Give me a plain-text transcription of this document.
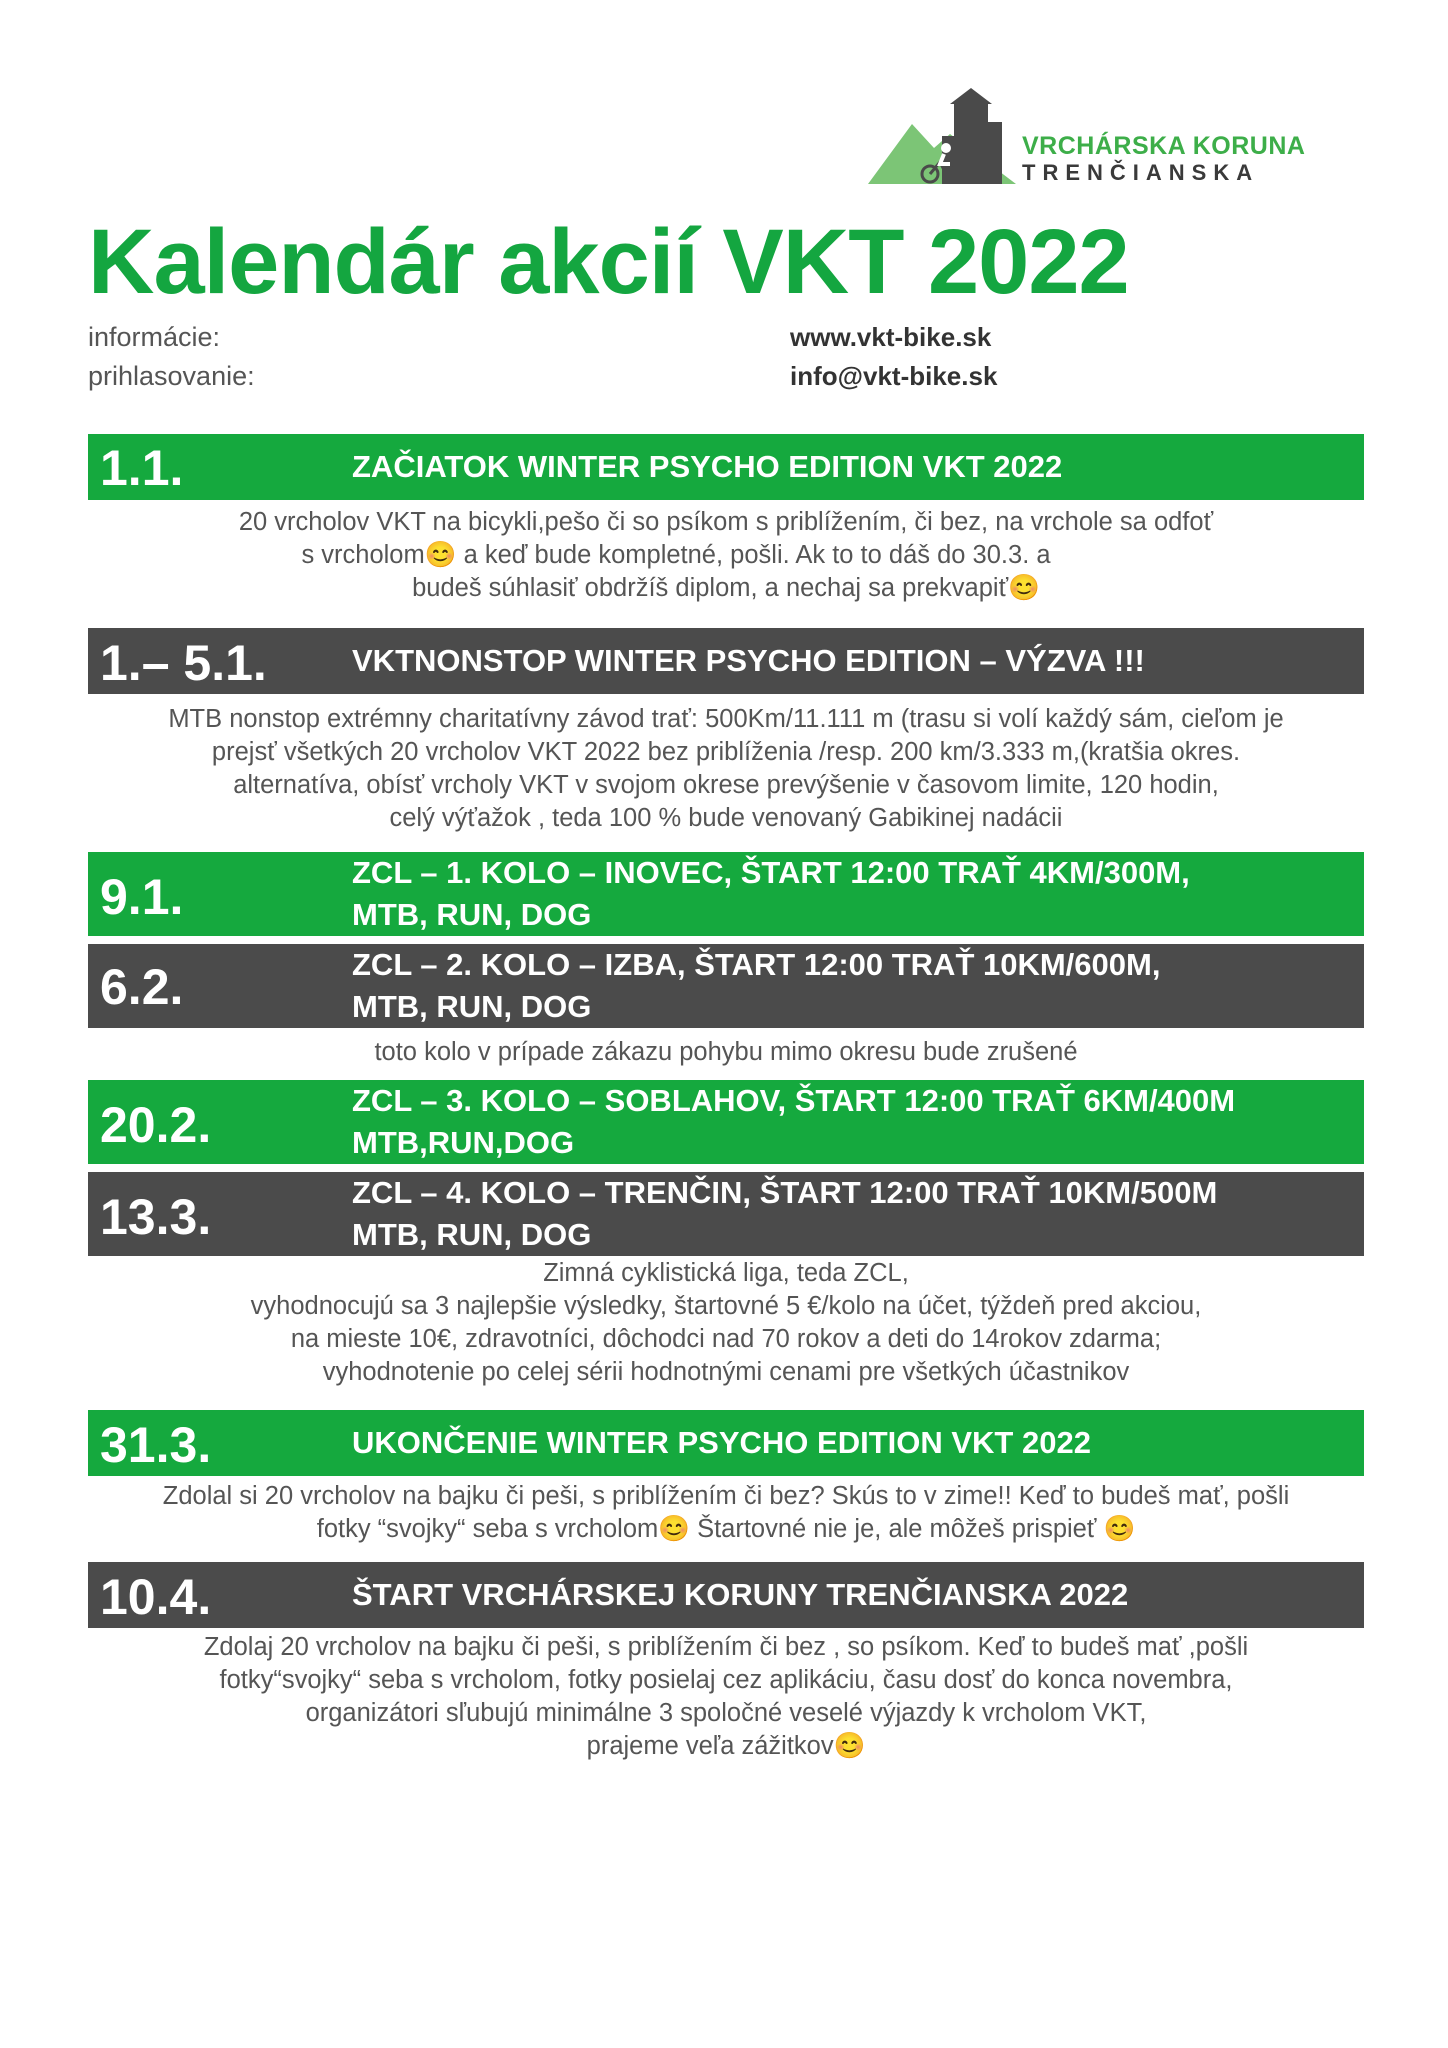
VRCHÁRSKA KORUNA
TRENČIANSKA
Kalendár akcií VKT 2022
informácie:	www.vkt-bike.sk
prihlasovanie:	info@vkt-bike.sk
1.1.	ZAČIATOK WINTER PSYCHO EDITION VKT 2022
20 vrcholov VKT na bicykli,pešo či so psíkom s priblížením, či bez, na vrchole sa odfoť
s vrcholom😊 a keď bude kompletné, pošli. Ak to to dáš do 30.3. a
budeš súhlasiť obdržíš diplom, a nechaj sa prekvapiť😊
1.– 5.1.	VKTNONSTOP WINTER PSYCHO EDITION – VÝZVA !!!
MTB nonstop extrémny charitatívny závod trať: 500Km/11.111 m (trasu si volí každý sám, cieľom je
prejsť všetkých 20 vrcholov VKT 2022 bez priblíženia /resp. 200 km/3.333 m,(kratšia okres.
alternatíva, obísť vrcholy VKT v svojom okrese prevýšenie v časovom limite, 120 hodin,
celý výťažok , teda 100 % bude venovaný Gabikinej nadácii
9.1.	ZCL – 1. KOLO – INOVEC, ŠTART 12:00 TRAŤ 4KM/300M,
MTB, RUN, DOG
6.2.	ZCL – 2. KOLO – IZBA, ŠTART 12:00 TRAŤ 10KM/600M,
MTB, RUN, DOG
toto kolo v prípade zákazu pohybu mimo okresu bude zrušené
20.2.	ZCL – 3. KOLO – SOBLAHOV, ŠTART 12:00 TRAŤ 6KM/400M
MTB,RUN,DOG
13.3.	ZCL – 4. KOLO – TRENČIN, ŠTART 12:00 TRAŤ 10KM/500M
MTB, RUN, DOG
Zimná cyklistická liga, teda ZCL,
vyhodnocujú sa 3 najlepšie výsledky, štartovné 5 €/kolo na účet, týždeň pred akciou,
na mieste 10€, zdravotníci, dôchodci nad 70 rokov a deti do 14rokov zdarma;
vyhodnotenie po celej sérii hodnotnými cenami pre všetkých účastnikov
31.3.	UKONČENIE WINTER PSYCHO EDITION VKT 2022
Zdolal si 20 vrcholov na bajku či peši, s priblížením či bez? Skús to v zime!! Keď to budeš mať, pošli
fotky “svojky“ seba s vrcholom😊 Štartovné nie je, ale môžeš prispieť 😊
10.4.	ŠTART VRCHÁRSKEJ KORUNY TRENČIANSKA 2022
Zdolaj 20 vrcholov na bajku či peši, s priblížením či bez , so psíkom. Keď to budeš mať ,pošli
fotky“svojky“ seba s vrcholom, fotky posielaj cez aplikáciu, času dosť do konca novembra,
organizátori sľubujú minimálne 3 spoločné veselé výjazdy k vrcholom VKT,
prajeme veľa zážitkov😊
